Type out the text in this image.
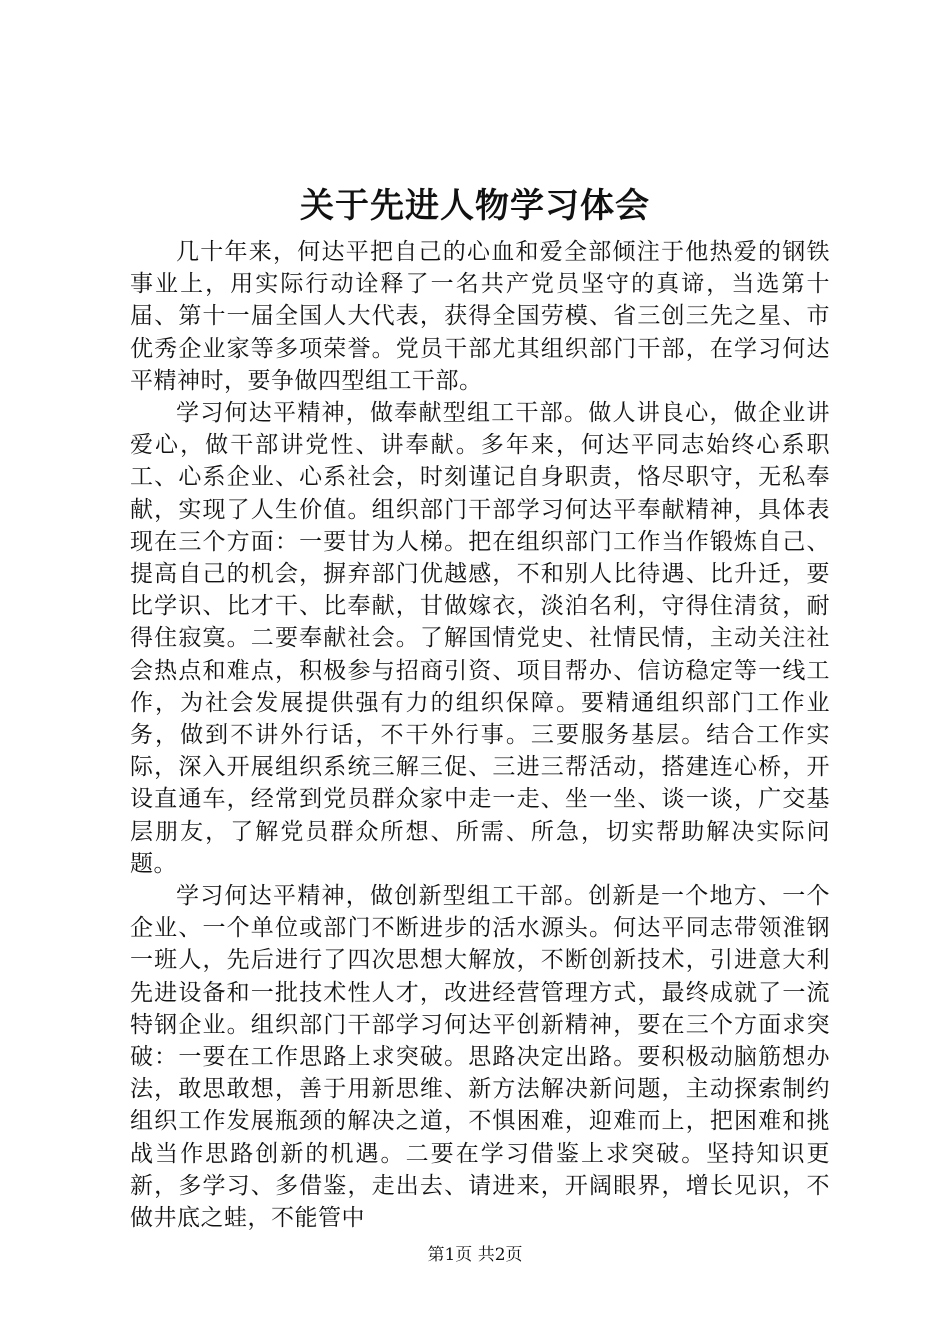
关于先进人物学习体会

几十年来，何达平把自己的心血和爱全部倾注于他热爱的钢铁事业上，用实际行动诠释了一名共产党员坚守的真谛，当选第十届、第十一届全国人大代表，获得全国劳模、省三创三先之星、市优秀企业家等多项荣誉。党员干部尤其组织部门干部，在学习何达平精神时，要争做四型组工干部。

学习何达平精神，做奉献型组工干部。做人讲良心，做企业讲爱心，做干部讲党性、讲奉献。多年来，何达平同志始终心系职工、心系企业、心系社会，时刻谨记自身职责，恪尽职守，无私奉献，实现了人生价值。组织部门干部学习何达平奉献精神，具体表现在三个方面：一要甘为人梯。把在组织部门工作当作锻炼自己、提高自己的机会，摒弃部门优越感，不和别人比待遇、比升迁，要比学识、比才干、比奉献，甘做嫁衣，淡泊名利，守得住清贫，耐得住寂寞。二要奉献社会。了解国情党史、社情民情，主动关注社会热点和难点，积极参与招商引资、项目帮办、信访稳定等一线工作，为社会发展提供强有力的组织保障。要精通组织部门工作业务，做到不讲外行话，不干外行事。三要服务基层。结合工作实际，深入开展组织系统三解三促、三进三帮活动，搭建连心桥，开设直通车，经常到党员群众家中走一走、坐一坐、谈一谈，广交基层朋友，了解党员群众所想、所需、所急，切实帮助解决实际问题。

学习何达平精神，做创新型组工干部。创新是一个地方、一个企业、一个单位或部门不断进步的活水源头。何达平同志带领淮钢一班人，先后进行了四次思想大解放，不断创新技术，引进意大利先进设备和一批技术性人才，改进经营管理方式，最终成就了一流特钢企业。组织部门干部学习何达平创新精神，要在三个方面求突破：一要在工作思路上求突破。思路决定出路。要积极动脑筋想办法，敢思敢想，善于用新思维、新方法解决新问题，主动探索制约组织工作发展瓶颈的解决之道，不惧困难，迎难而上，把困难和挑战当作思路创新的机遇。二要在学习借鉴上求突破。坚持知识更新，多学习、多借鉴，走出去、请进来，开阔眼界，增长见识，不做井底之蛙，不能管中

第1页 共2页
